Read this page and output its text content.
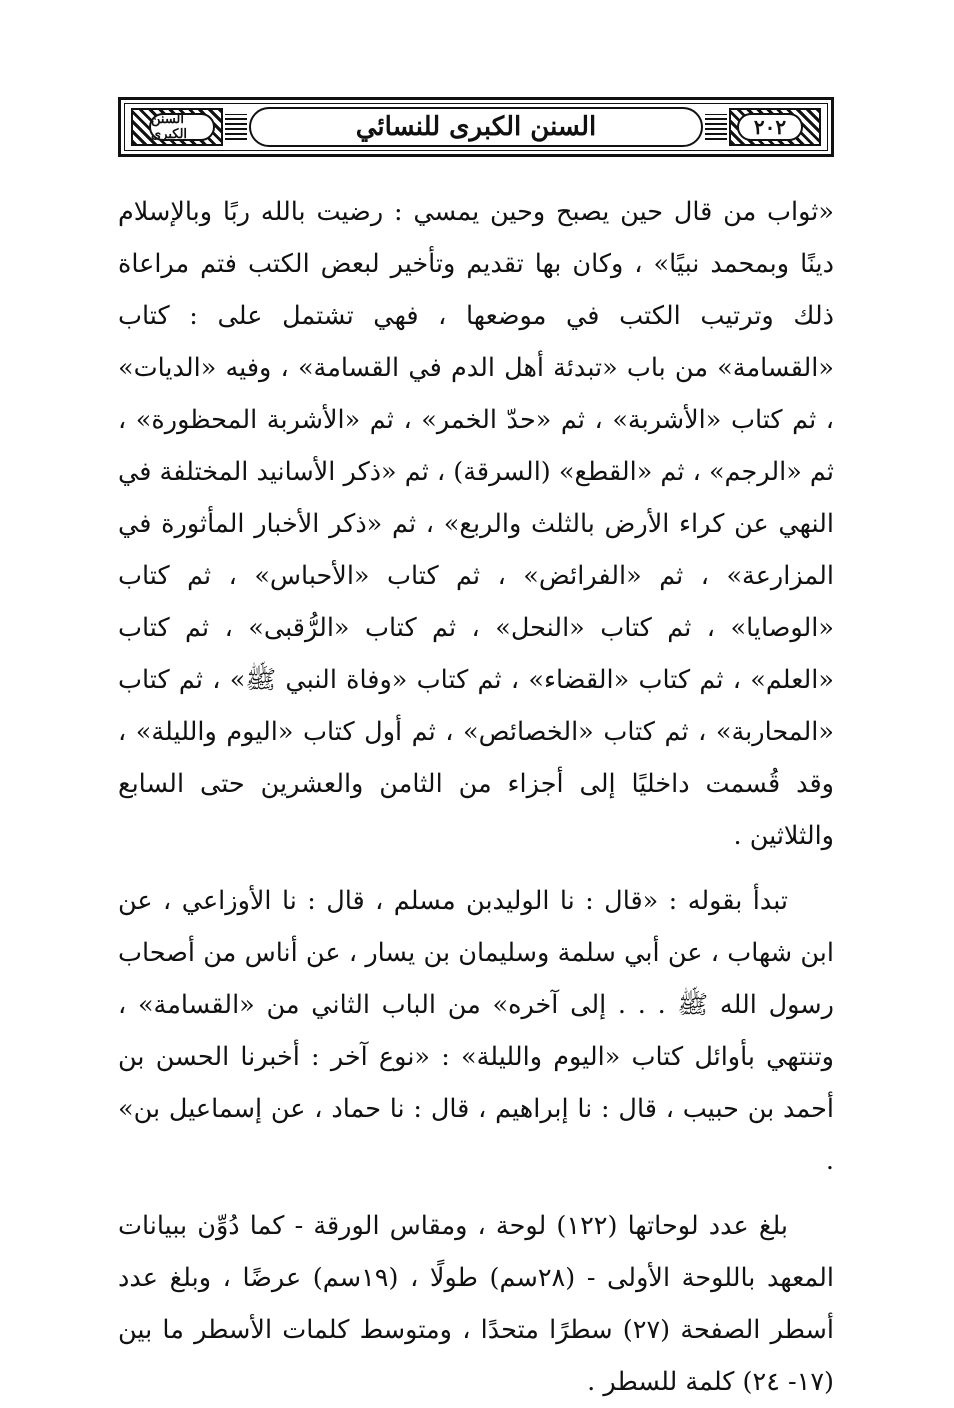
السنن الكبرى	السنن الكبرى للنسائي	٢٠٢

«ثواب من قال حين يصبح وحين يمسي : رضيت بالله ربًا وبالإسلام دينًا وبمحمد نبيًا» ، وكان بها تقديم وتأخير لبعض الكتب فتم مراعاة ذلك وترتيب الكتب في موضعها ، فهي تشتمل على : كتاب «القسامة» من باب «تبدئة أهل الدم في القسامة» ، وفيه «الديات» ، ثم كتاب «الأشربة» ، ثم «حدّ الخمر» ، ثم «الأشربة المحظورة» ، ثم «الرجم» ، ثم «القطع» (السرقة) ، ثم «ذكر الأسانيد المختلفة في النهي عن كراء الأرض بالثلث والربع» ، ثم «ذكر الأخبار المأثورة في المزارعة» ، ثم «الفرائض» ، ثم كتاب «الأحباس» ، ثم كتاب «الوصايا» ، ثم كتاب «النحل» ، ثم كتاب «الرُّقبى» ، ثم كتاب «العلم» ، ثم كتاب «القضاء» ، ثم كتاب «وفاة النبي ﷺ» ، ثم كتاب «المحاربة» ، ثم كتاب «الخصائص» ، ثم أول كتاب «اليوم والليلة» ، وقد قُسمت داخليًا إلى أجزاء من الثامن والعشرين حتى السابع والثلاثين .

تبدأ بقوله : «قال : نا الوليدبن مسلم ، قال : نا الأوزاعي ، عن ابن شهاب ، عن أبي سلمة وسليمان بن يسار ، عن أناس من أصحاب رسول الله ﷺ . . . إلى آخره» من الباب الثاني من «القسامة» ، وتنتهي بأوائل كتاب «اليوم والليلة» : «نوع آخر : أخبرنا الحسن بن أحمد بن حبيب ، قال : نا إبراهيم ، قال : نا حماد ، عن إسماعيل بن» .

بلغ عدد لوحاتها (١٢٢) لوحة ، ومقاس الورقة - كما دُوِّن ببيانات المعهد باللوحة الأولى - (٢٨سم) طولًا ، (١٩سم) عرضًا ، وبلغ عدد أسطر الصفحة (٢٧) سطرًا متحدًا ، ومتوسط كلمات الأسطر ما بين (١٧- ٢٤) كلمة للسطر .
